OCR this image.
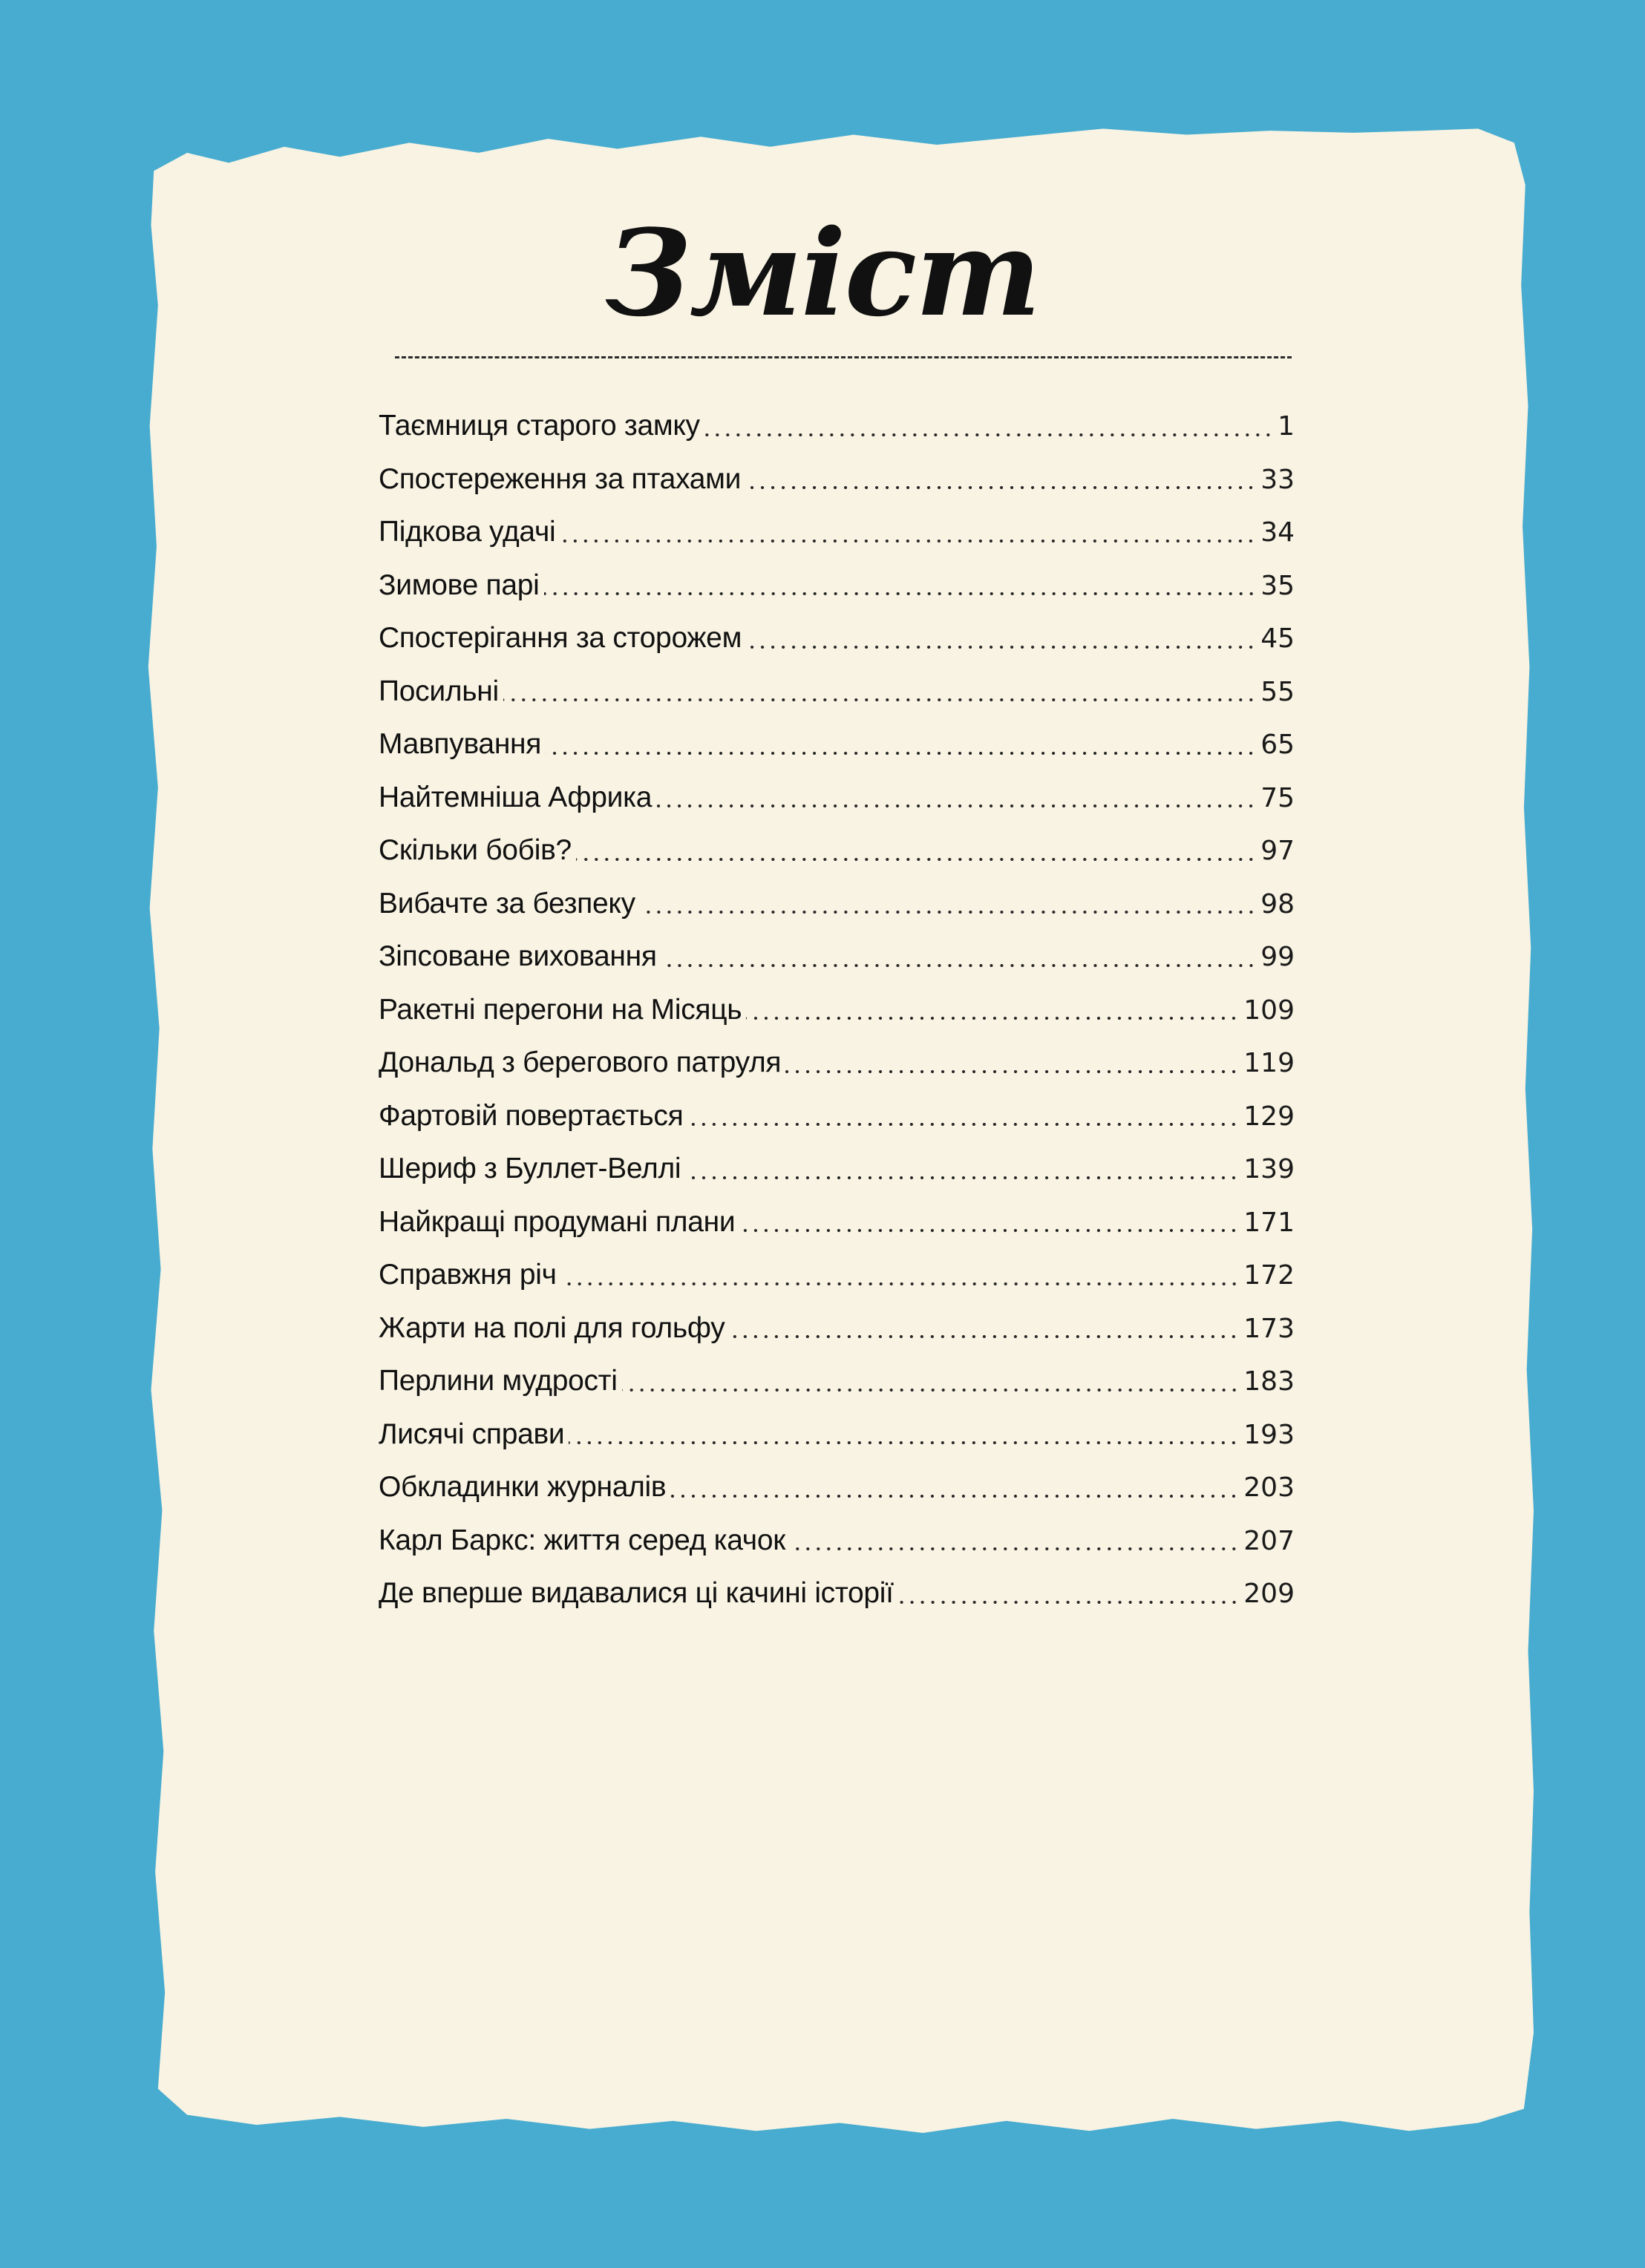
Зміст
Таємниця старого замку	1
Спостереження за птахами	33
Підкова удачі	34
Зимове парі	35
Спостерігання за сторожем	45
Посильні	55
Мавпування	65
Найтемніша Африка	75
Скільки бобів?	97
Вибачте за безпеку	98
Зіпсоване виховання	99
Ракетні перегони на Місяць	109
Дональд з берегового патруля	119
Фартовій повертається	129
Шериф з Буллет-Веллі	139
Найкращі продумані плани	171
Справжня річ	172
Жарти на полі для гольфу	173
Перлини мудрості	183
Лисячі справи	193
Обкладинки журналів	203
Карл Баркс: життя серед качок	207
Де вперше видавалися ці качині історії	209
